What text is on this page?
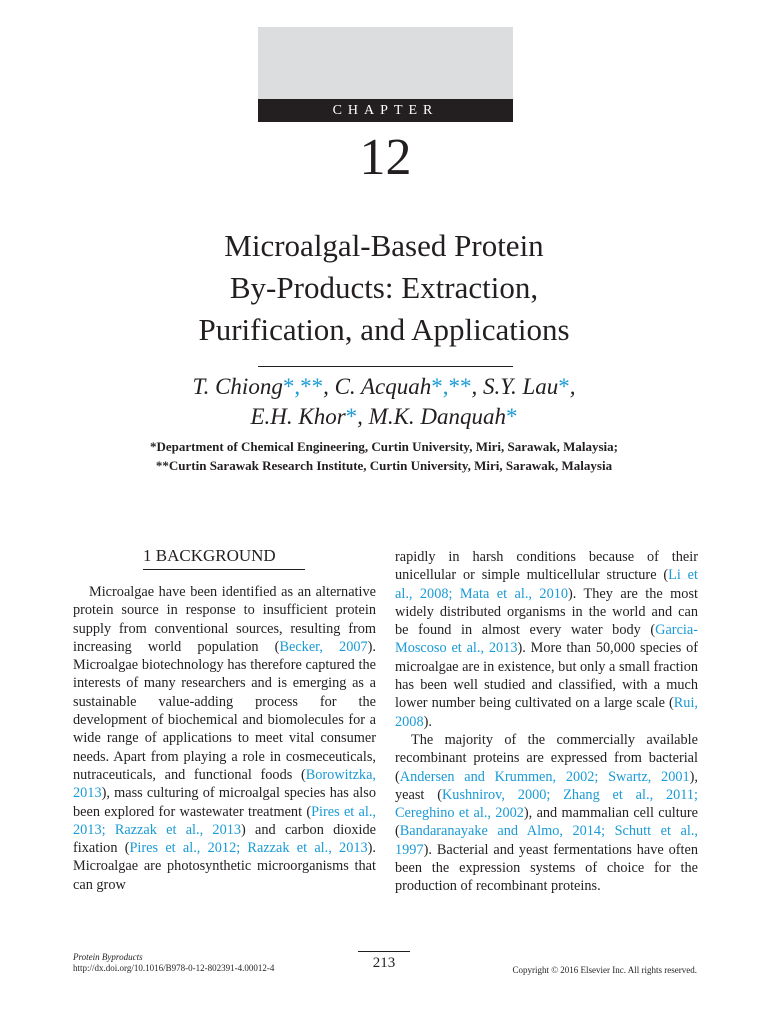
CHAPTER
12
Microalgal-Based Protein
By-Products: Extraction,
Purification, and Applications
T. Chiong*,**, C. Acquah*,**, S.Y. Lau*,
E.H. Khor*, M.K. Danquah*
*Department of Chemical Engineering, Curtin University, Miri, Sarawak, Malaysia;
**Curtin Sarawak Research Institute, Curtin University, Miri, Sarawak, Malaysia
1 BACKGROUND

Microalgae have been identified as an alternative protein source in response to insufficient protein supply from conventional sources, resulting from increasing world population (Becker, 2007). Microalgae biotechnology has therefore captured the interests of many researchers and is emerging as a sustainable value-adding process for the development of biochemical and biomolecules for a wide range of applications to meet vital consumer needs. Apart from playing a role in cosmeceuticals, nutraceuticals, and functional foods (Borowitzka, 2013), mass culturing of microalgal species has also been explored for wastewater treatment (Pires et al., 2013; Razzak et al., 2013) and carbon dioxide fixation (Pires et al., 2012; Razzak et al., 2013). Microalgae are photosynthetic microorganisms that can grow

rapidly in harsh conditions because of their unicellular or simple multicellular structure (Li et al., 2008; Mata et al., 2010). They are the most widely distributed organisms in the world and can be found in almost every water body (Garcia-Moscoso et al., 2013). More than 50,000 species of microalgae are in existence, but only a small fraction has been well studied and classified, with a much lower number being cultivated on a large scale (Rui, 2008).

The majority of the commercially available recombinant proteins are expressed from bacterial (Andersen and Krummen, 2002; Swartz, 2001), yeast (Kushnirov, 2000; Zhang et al., 2011; Cereghino et al., 2002), and mammalian cell culture (Bandaranayake and Almo, 2014; Schutt et al., 1997). Bacterial and yeast fermentations have often been the expression systems of choice for the production of recombinant proteins.

Protein Byproducts
http://dx.doi.org/10.1016/B978-0-12-802391-4.00012-4	213	Copyright © 2016 Elsevier Inc. All rights reserved.
